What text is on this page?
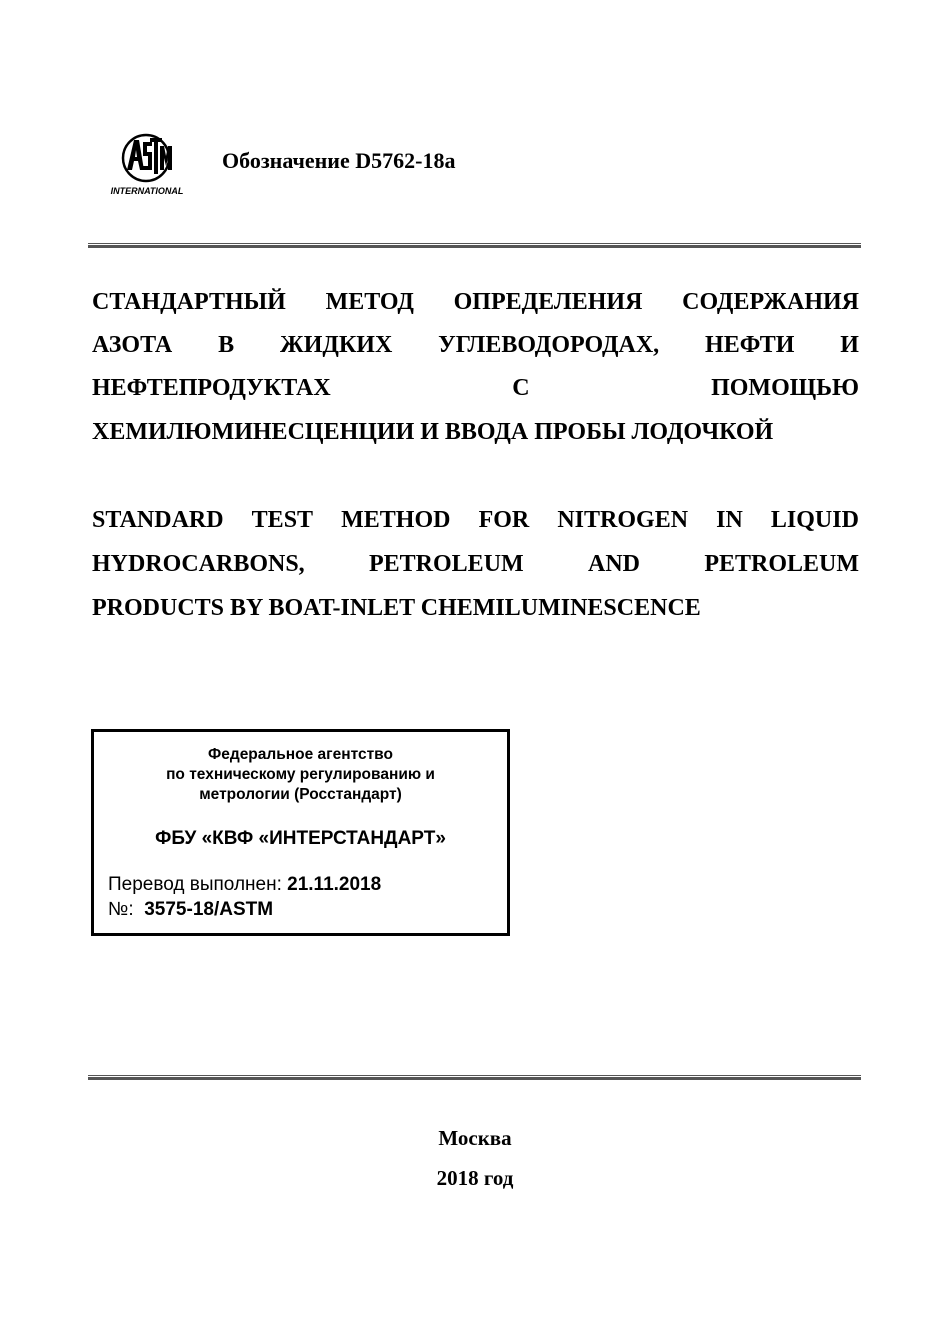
INTERNATIONAL
Обозначение D5762-18a
СТАНДАРТНЫЙ МЕТОД ОПРЕДЕЛЕНИЯ СОДЕРЖАНИЯ
АЗОТА В ЖИДКИХ УГЛЕВОДОРОДАХ, НЕФТИ И
НЕФТЕПРОДУКТАХ	С	ПОМОЩЬЮ
ХЕМИЛЮМИНЕСЦЕНЦИИ И ВВОДА ПРОБЫ ЛОДОЧКОЙ
STANDARD TEST METHOD FOR NITROGEN IN LIQUID
HYDROCARBONS,	PETROLEUM	AND	PETROLEUM
PRODUCTS BY BOAT-INLET CHEMILUMINESCENCE
Федеральное агентство
по техническому регулированию и
метрологии (Росстандарт)
ФБУ «КВФ «ИНТЕРСТАНДАРТ»
Перевод выполнен: 21.11.2018
№:  3575-18/ASTM
Москва
2018 год
